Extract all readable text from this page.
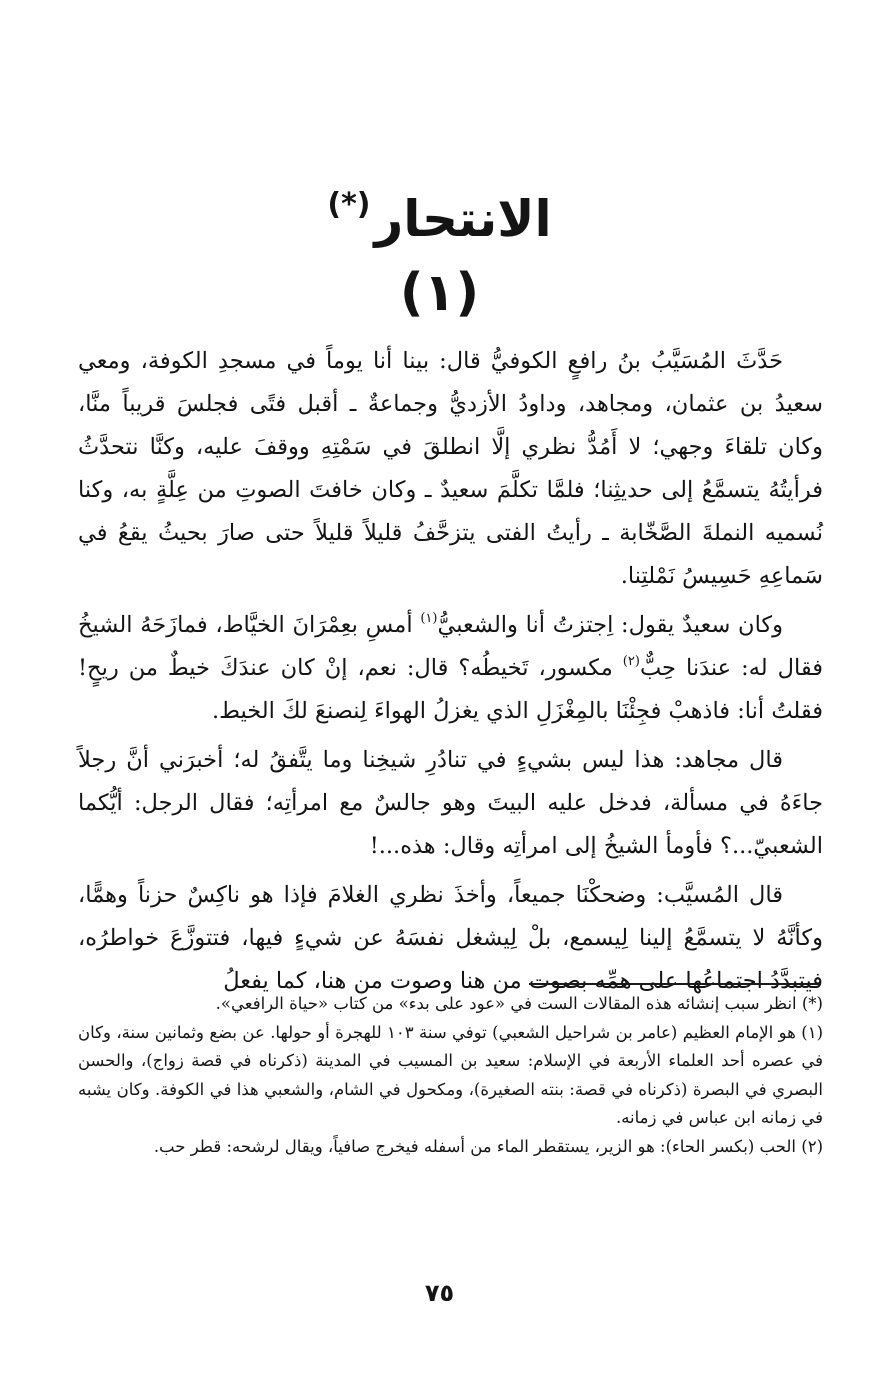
الانتحار(*)
(١)

حَدَّثَ المُسَيَّبُ بنُ رافعٍ الكوفيُّ قال: بينا أنا يوماً في مسجدِ الكوفة، ومعي سعيدُ بن عثمان، ومجاهد، وداودُ الأزديُّ وجماعةٌ ـ أقبل فتًى فجلسَ قريباً منَّا، وكان تلقاءَ وجهي؛ لا أَمُدُّ نظري إلَّا انطلقَ في سَمْتِهِ ووقفَ عليه، وكنَّا نتحدَّثُ فرأيتُهُ يتسمَّعُ إلى حديثِنا؛ فلمَّا تكلَّمَ سعيدٌ ـ وكان خافتَ الصوتِ من عِلَّةٍ به، وكنا نُسميه النملةَ الصَّخّابة ـ رأيتُ الفتى يتزحَّفُ قليلاً قليلاً حتى صارَ بحيثُ يقعُ في سَماعِهِ حَسِيسُ نَمْلتِنا.

وكان سعيدٌ يقول: اِجتزتُ أنا والشعبيُّ$^{(١)}$ أمسِ بعِمْرَانَ الخيَّاط، فمازَحَهُ الشيخُ فقال له: عندَنا حِبٌّ$^{(٢)}$ مكسور، تَخيطُه؟ قال: نعم، إنْ كان عندَكَ خيطٌ من ريحٍ! فقلتُ أنا: فاذهبْ فجِئْنَا بالمِغْزَلِ الذي يغزلُ الهواءَ لِنصنعَ لكَ الخيط.

قال مجاهد: هذا ليس بشيءٍ في تنادُرِ شيخِنا وما يتَّفقُ له؛ أخبرَني أنَّ رجلاً جاءَهُ في مسألة، فدخل عليه البيتَ وهو جالسٌ مع امرأتِه؛ فقال الرجل: أيُّكما الشعبيّ...؟ فأومأ الشيخُ إلى امرأتِه وقال: هذه...!

قال المُسيَّب: وضحكْنَا جميعاً، وأخذَ نظري الغلامَ فإذا هو ناكِسٌ حزناً وهمًّا، وكأنَّهُ لا يتسمَّعُ إلينا لِيسمع، بلْ لِيشغل نفسَهُ عن شيءٍ فيها، فتتوزَّعَ خواطرُه، فيتبدَّدُ اجتماعُها على همِّه بصوت من هنا وصوت من هنا، كما يفعلُ

(*) انظر سبب إنشائه هذه المقالات الست في «عود على بدء» من كتاب «حياة الرافعي».

(١) هو الإمام العظيم (عامر بن شراحيل الشعبي) توفي سنة ١٠٣ للهجرة أو حولها. عن بضع وثمانين سنة، وكان في عصره أحد العلماء الأربعة في الإسلام: سعيد بن المسيب في المدينة (ذكرناه في قصة زواج)، والحسن البصري في البصرة (ذكرناه في قصة: بنته الصغيرة)، ومكحول في الشام، والشعبي هذا في الكوفة. وكان يشبه في زمانه ابن عباس في زمانه.

(٢) الحب (بكسر الحاء): هو الزير، يستقطر الماء من أسفله فيخرج صافياً، ويقال لرشحه: قطر حب.

٧٥
